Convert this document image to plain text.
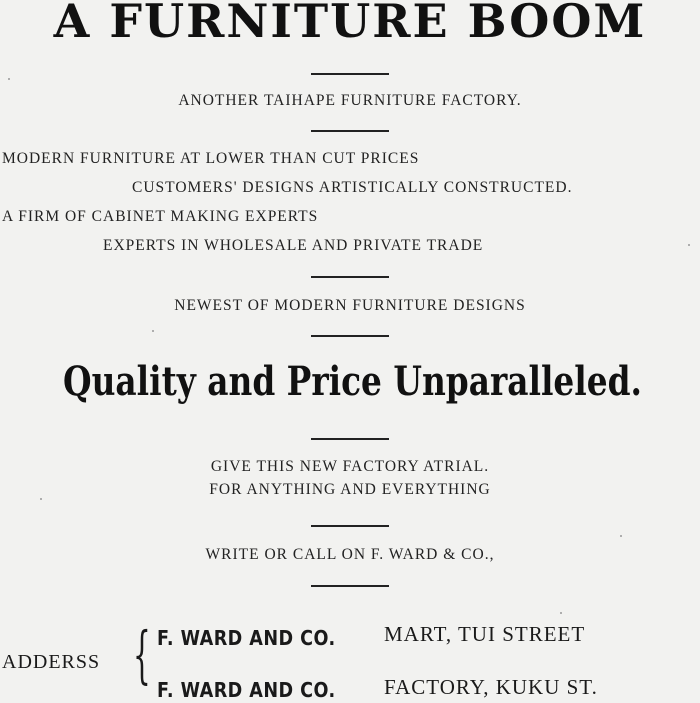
A FURNITURE BOOM
ANOTHER TAIHAPE FURNITURE FACTORY.
MODERN FURNITURE AT LOWER THAN CUT PRICES
CUSTOMERS' DESIGNS ARTISTICALLY CONSTRUCTED.
A FIRM OF CABINET MAKING EXPERTS
EXPERTS IN WHOLESALE AND PRIVATE TRADE
NEWEST OF MODERN FURNITURE DESIGNS
Quality and Price Unparalleled.
GIVE THIS NEW FACTORY ATRIAL.
FOR ANYTHING AND EVERYTHING
WRITE OR CALL ON F. WARD & CO.,
ADDERSS { F. WARD AND CO. MART, TUI STREET
F. WARD AND CO. FACTORY, KUKU ST.
